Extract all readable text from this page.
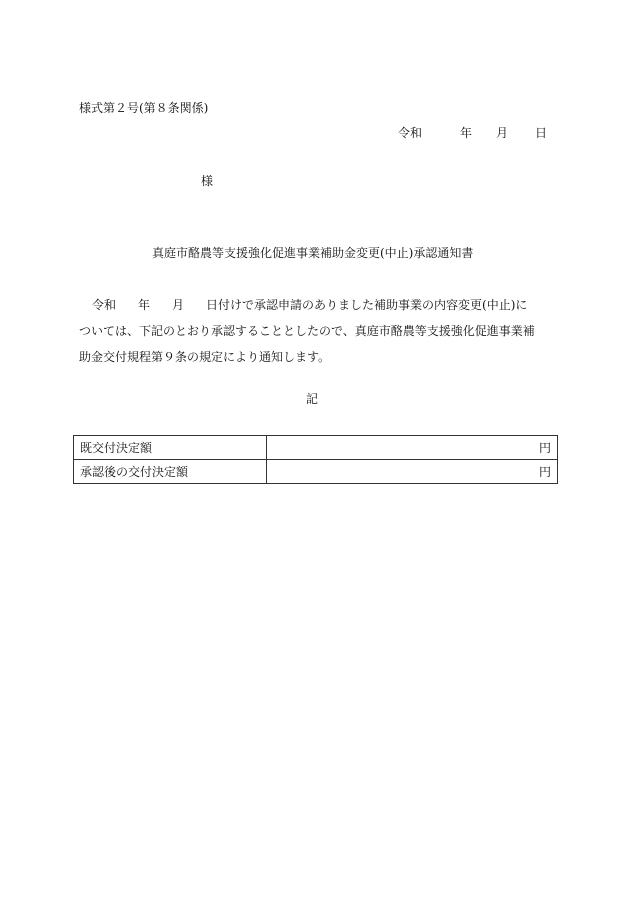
様式第２号(第８条関係)
令和	年 月 日
様
真庭市酪農等支援強化促進事業補助金変更(中止)承認通知書
令和 年 月 日付けで承認申請のありました補助事業の内容変更(中止)に
ついては、下記のとおり承認することとしたので、真庭市酪農等支援強化促進事業補
助金交付規程第９条の規定により通知します。
記
既交付決定額	円
承認後の交付決定額	円
